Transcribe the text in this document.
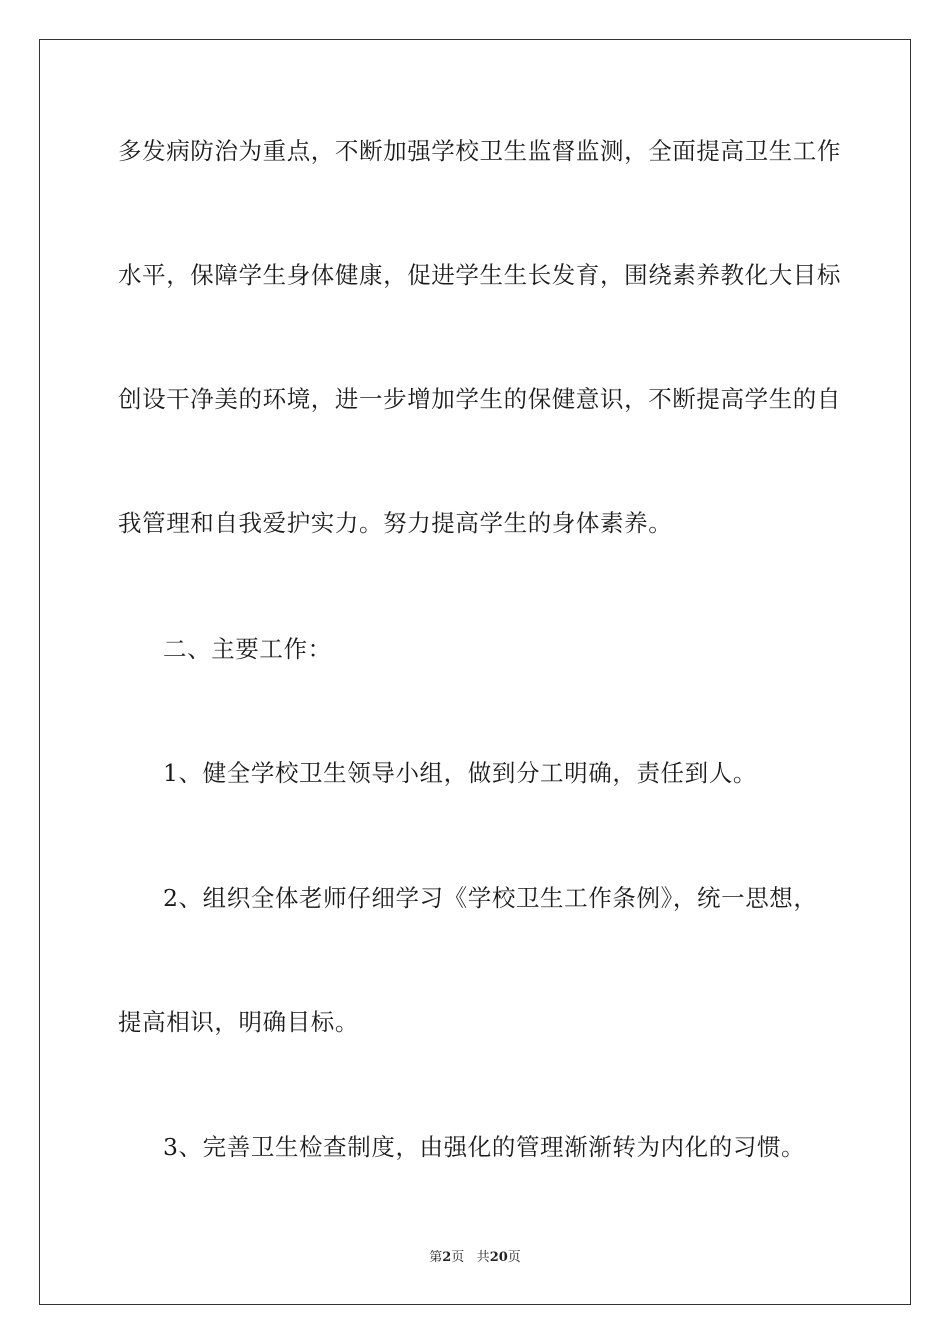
多发病防治为重点，不断加强学校卫生监督监测，全面提高卫生工作
水平，保障学生身体健康，促进学生生长发育，围绕素养教化大目标
创设干净美的环境，进一步增加学生的保健意识，不断提高学生的自
我管理和自我爱护实力。努力提高学生的身体素养。
二、主要工作：
1、健全学校卫生领导小组，做到分工明确，责任到人。
2、组织全体老师仔细学习《学校卫生工作条例》，统一思想，
提高相识，明确目标。
3、完善卫生检查制度，由强化的管理渐渐转为内化的习惯。
第2页 共20页
